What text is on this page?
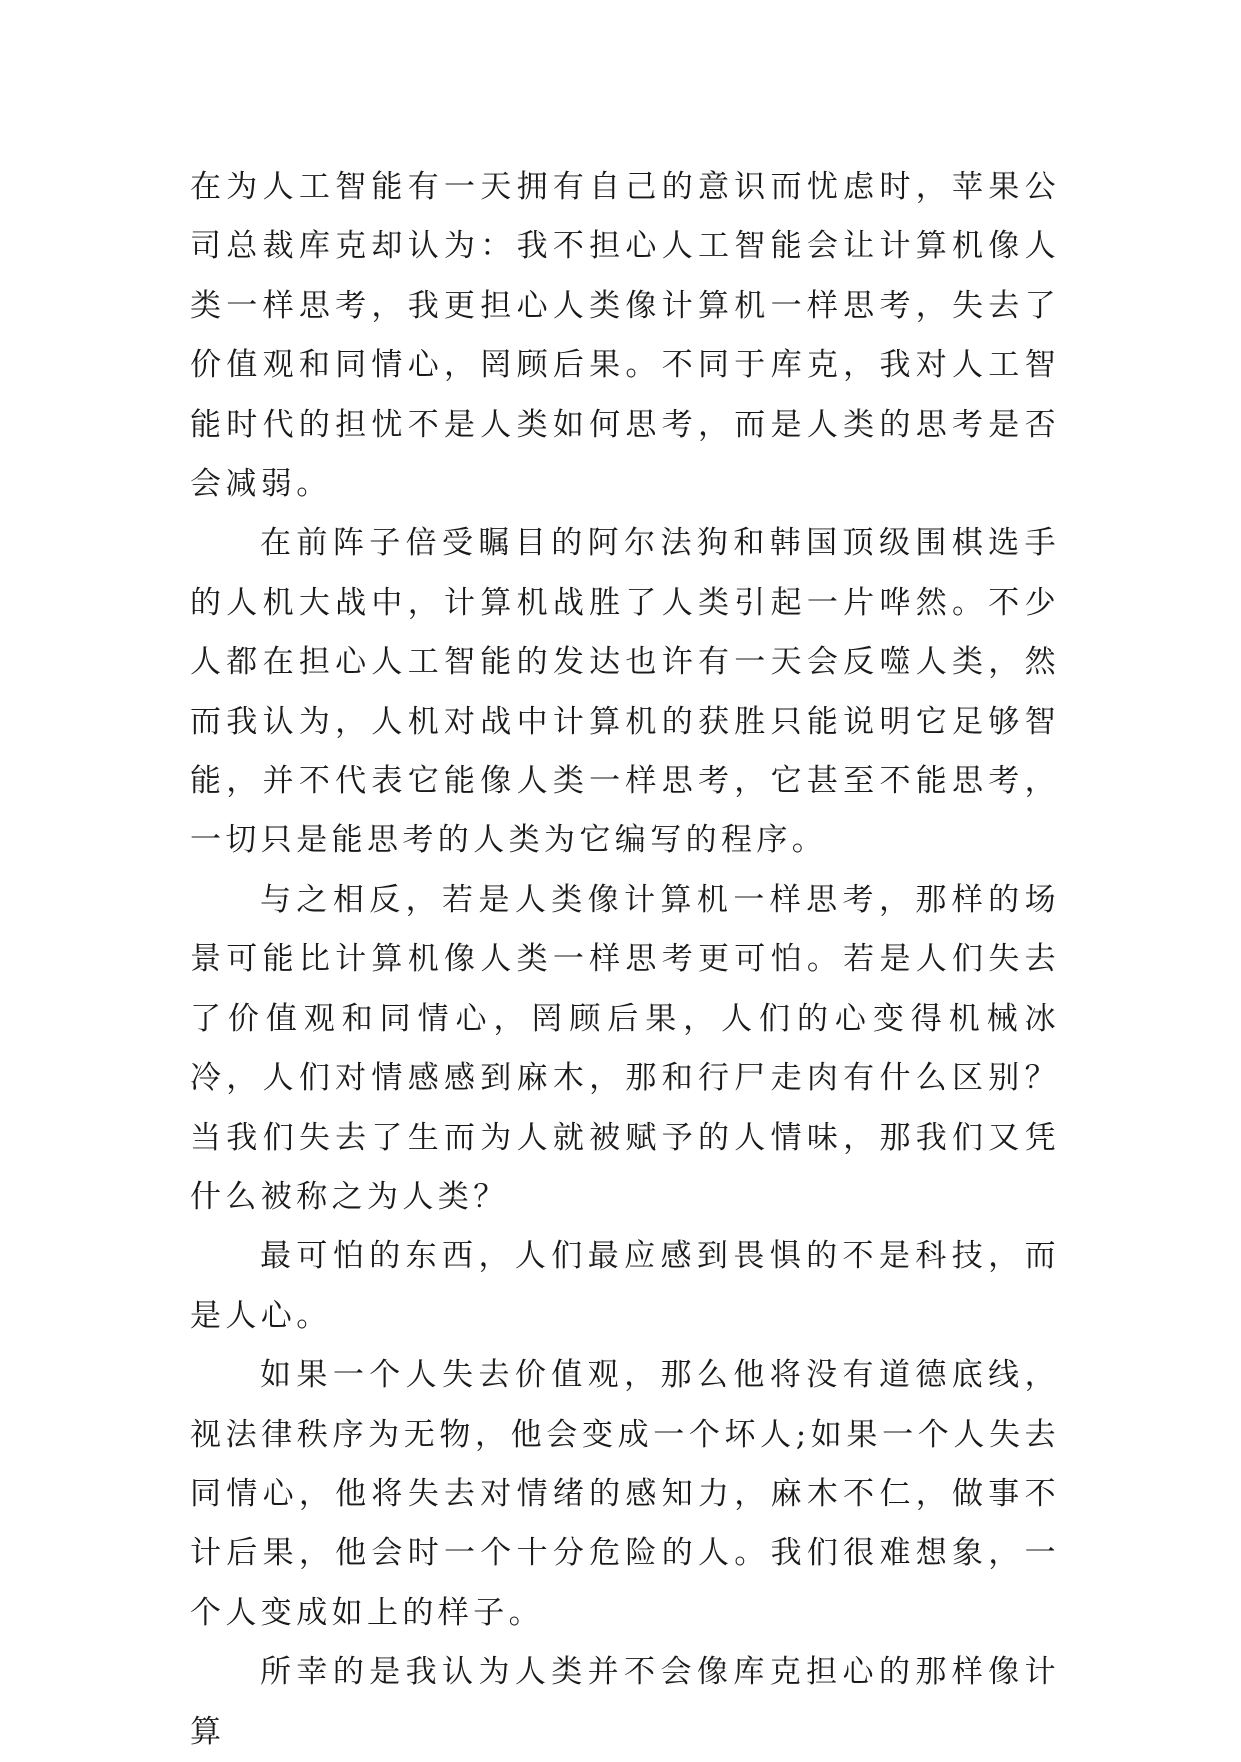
在为人工智能有一天拥有自己的意识而忧虑时，苹果公司总裁库克却认为：我不担心人工智能会让计算机像人类一样思考，我更担心人类像计算机一样思考，失去了价值观和同情心，罔顾后果。不同于库克，我对人工智能时代的担忧不是人类如何思考，而是人类的思考是否会减弱。

在前阵子倍受瞩目的阿尔法狗和韩国顶级围棋选手的人机大战中，计算机战胜了人类引起一片哗然。不少人都在担心人工智能的发达也许有一天会反噬人类，然而我认为，人机对战中计算机的获胜只能说明它足够智能，并不代表它能像人类一样思考，它甚至不能思考，一切只是能思考的人类为它编写的程序。

与之相反，若是人类像计算机一样思考，那样的场景可能比计算机像人类一样思考更可怕。若是人们失去了价值观和同情心，罔顾后果，人们的心变得机械冰冷，人们对情感感到麻木，那和行尸走肉有什么区别？当我们失去了生而为人就被赋予的人情味，那我们又凭什么被称之为人类？

最可怕的东西，人们最应感到畏惧的不是科技，而是人心。

如果一个人失去价值观，那么他将没有道德底线，视法律秩序为无物，他会变成一个坏人;如果一个人失去同情心，他将失去对情绪的感知力，麻木不仁，做事不计后果，他会时一个十分危险的人。我们很难想象，一个人变成如上的样子。

所幸的是我认为人类并不会像库克担心的那样像计算
